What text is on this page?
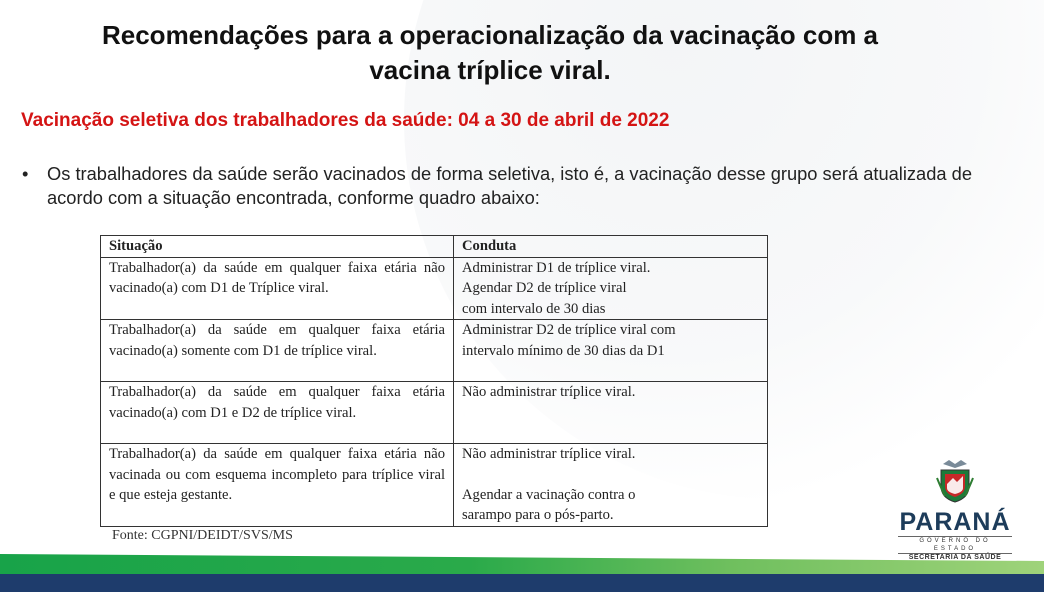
Recomendações para a operacionalização da vacinação com a
vacina tríplice viral.
Vacinação seletiva dos trabalhadores da saúde: 04 a 30 de abril de 2022
• Os trabalhadores da saúde serão vacinados de forma seletiva, isto é, a vacinação desse grupo será atualizada de acordo com a situação encontrada, conforme quadro abaixo:
Situação	Conduta
Trabalhador(a) da saúde em qualquer faixa etária não vacinado(a) com D1 de Tríplice viral.	Administrar D1 de tríplice viral.
Agendar D2 de tríplice viral
com intervalo de 30 dias

Trabalhador(a) da saúde em qualquer faixa etária vacinado(a) somente com D1 de tríplice viral.	Administrar D2 de tríplice viral com
intervalo mínimo de 30 dias da D1

Trabalhador(a) da saúde em qualquer faixa etária vacinado(a) com D1 e D2 de tríplice viral.	Não administrar tríplice viral.

Trabalhador(a) da saúde em qualquer faixa etária não vacinada ou com esquema incompleto para tríplice viral e que esteja gestante.	Não administrar tríplice viral.
Agendar a vacinação contra o
sarampo para o pós-parto.
Fonte: CGPNI/DEIDT/SVS/MS	PARANÁ
GOVERNO DO ESTADO
SECRETARIA DA SAÚDE
